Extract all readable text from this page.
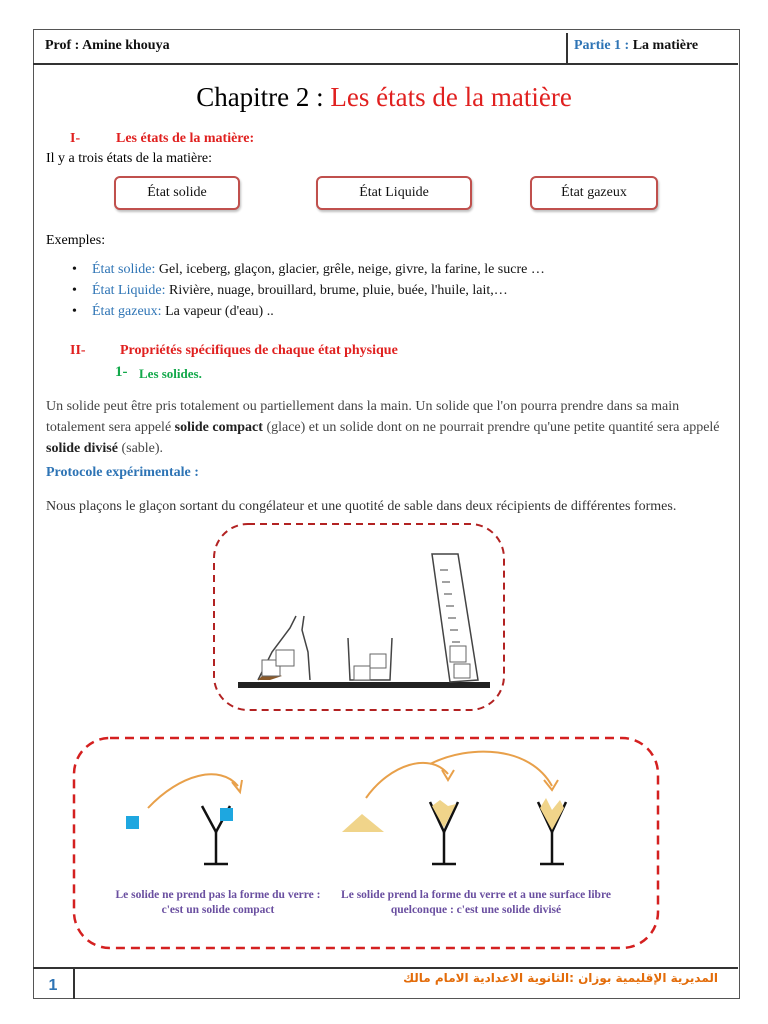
Prof : Amine khouya	Partie 1 : La matière
Chapitre 2 : Les états de la matière
I-	Les états de la matière:
Il y a trois états de la matière:
État solide	État Liquide	État gazeux
Exemples:
• État solide: Gel, iceberg, glaçon, glacier, grêle, neige, givre, la farine, le sucre …
• État Liquide: Rivière, nuage, brouillard, brume, pluie, buée, l'huile, lait,…
• État gazeux: La vapeur (d'eau) ..
II- Propriétés spécifiques de chaque état physique
1- Les solides.
Un solide peut être pris totalement ou partiellement dans la main. Un solide que l'on pourra prendre dans sa main totalement sera appelé solide compact (glace) et un solide dont on ne pourrait prendre qu'une petite quantité sera appelé solide divisé (sable).
Protocole expérimentale :
Nous plaçons le glaçon sortant du congélateur et une quotité de sable dans deux récipients de différentes formes.
Le solide ne prend pas la forme du verre : c'est un solide compact
Le solide prend la forme du verre et a une surface libre quelconque : c'est une solide divisé
1	المديرية الإقليمية بوزان :الثانوية الاعدادية الامام مالك
